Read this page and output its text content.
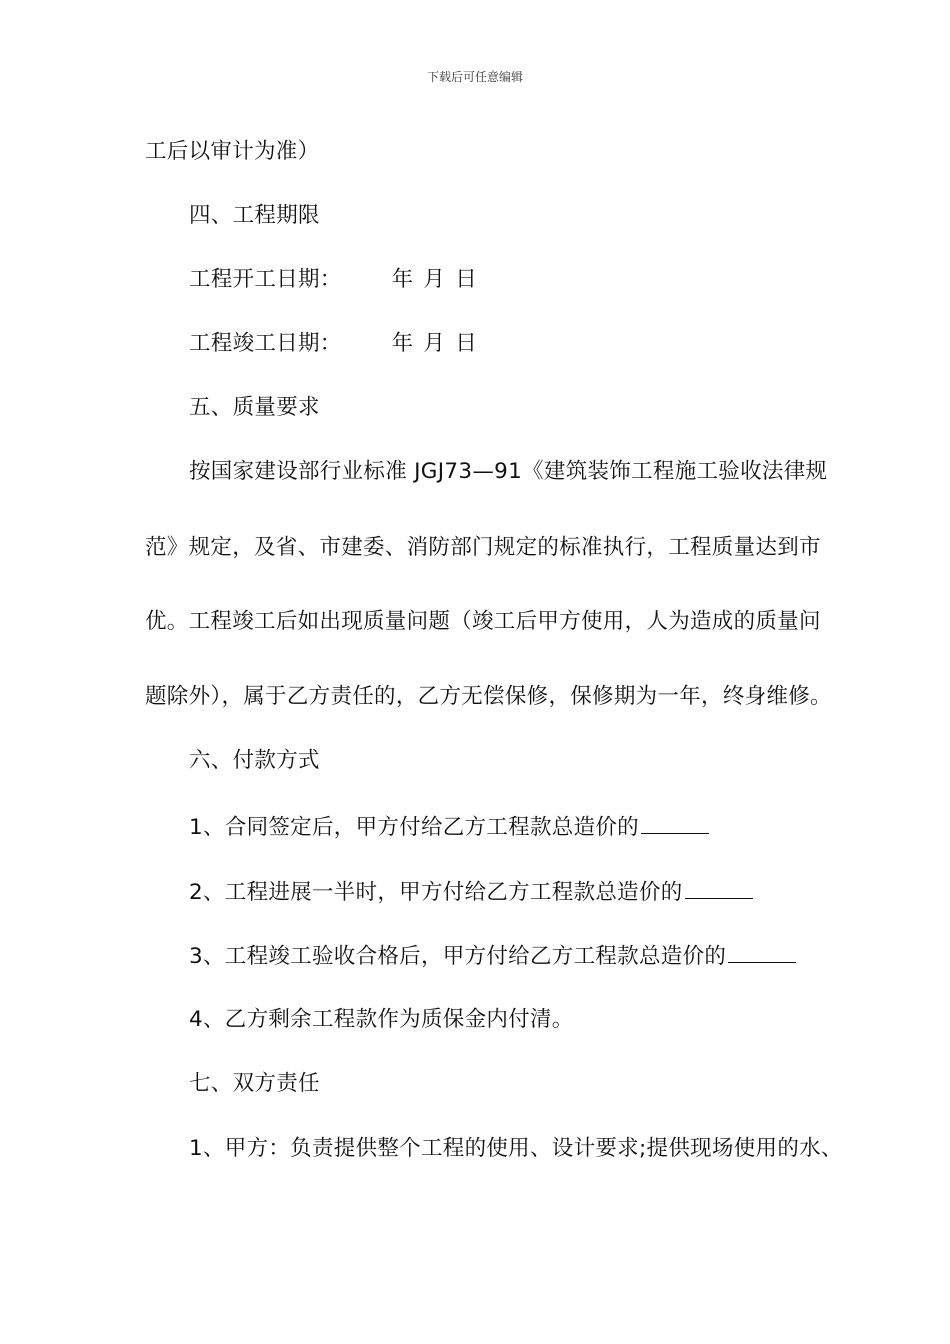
下载后可任意编辑
工后以审计为准）
四、工程期限
工程开工日期： 年 月 日
工程竣工日期： 年 月 日
五、质量要求
按国家建设部行业标准 JGJ73—91《建筑装饰工程施工验收法律规
范》规定，及省、市建委、消防部门规定的标准执行，工程质量达到市
优。工程竣工后如出现质量问题（竣工后甲方使用，人为造成的质量问
题除外），属于乙方责任的，乙方无偿保修，保修期为一年，终身维修。
六、付款方式
1、合同签定后，甲方付给乙方工程款总造价的
2、工程进展一半时，甲方付给乙方工程款总造价的
3、工程竣工验收合格后，甲方付给乙方工程款总造价的
4、乙方剩余工程款作为质保金内付清。
七、双方责任
1、甲方：负责提供整个工程的使用、设计要求;提供现场使用的水、
